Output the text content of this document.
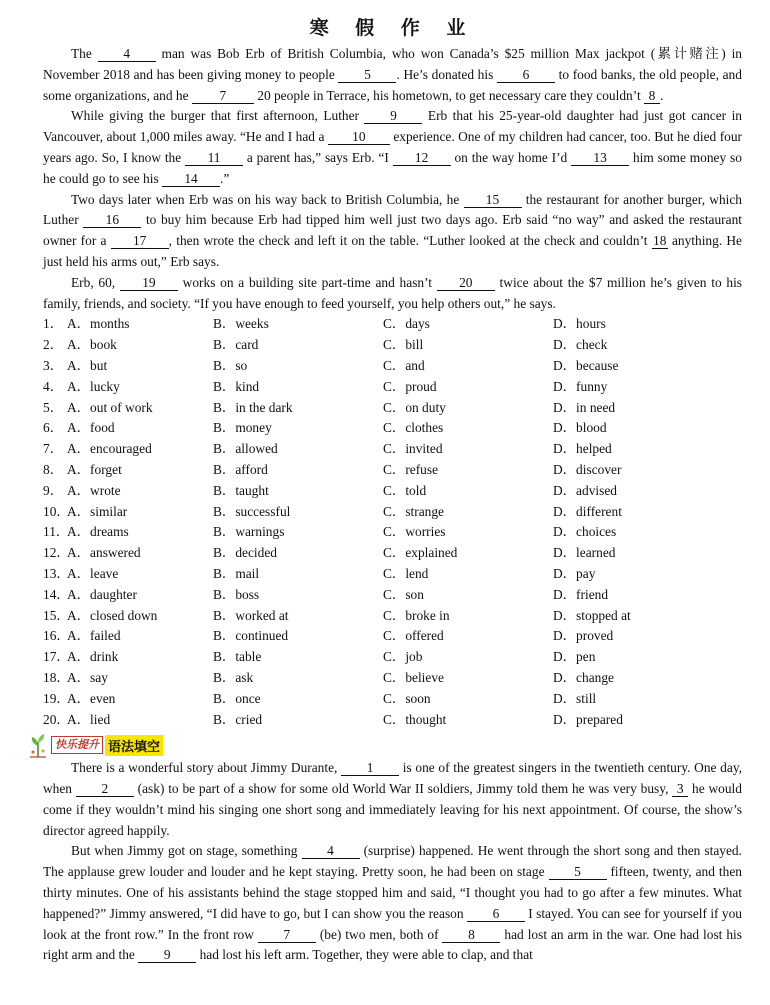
寒 假 作 业

The 4 man was Bob Erb of British Columbia, who won Canada’s $25 million Max jackpot (累计赌注) in November 2018 and has been giving money to people 5 . He’s donated his 6 to food banks, the old people, and some organizations, and he 7 20 people in Terrace, his hometown, to get necessary care they couldn’t 8 .

While giving the burger that first afternoon, Luther 9 Erb that his 25-year-old daughter had just got cancer in Vancouver, about 1,000 miles away. “He and I had a 10 experience. One of my children had cancer, too. But he died four years ago. So, I know the 11 a parent has,” says Erb. “I 12 on the way home I’d 13 him some money so he could go to see his 14 .”

Two days later when Erb was on his way back to British Columbia, he 15 the restaurant for another burger, which Luther 16 to buy him because Erb had tipped him well just two days ago. Erb said “no way” and asked the restaurant owner for a 17 , then wrote the check and left it on the table. “Luther looked at the check and couldn’t 18 anything. He just held his arms out,” Erb says.

Erb, 60, 19 works on a building site part-time and hasn’t 20 twice about the $7 million he’s given to his family, friends, and society. “If you have enough to feed yourself, you help others out,” he says.

1． A．months	B．weeks	C．days	D．hours
2． A．book	B．card	C．bill	D．check
3． A．but	B．so	C．and	D．because
4． A．lucky	B．kind	C．proud	D．funny
5． A．out of work	B．in the dark	C．on duty	D．in need
6． A．food	B．money	C．clothes	D．blood
7． A．encouraged	B．allowed	C．invited	D．helped
8． A．forget	B．afford	C．refuse	D．discover
9． A．wrote	B．taught	C．told	D．advised
10．
A．similar	B．successful	C．strange	D．different
11．
A．dreams	B．warnings	C．worries	D．choices
12．
A．answered	B．decided	C．explained	D．learned
13．
A．leave	B．mail	C．lend	D．pay
14．
A．daughter	B．boss	C．son	D．friend
15．
A．closed down	B．worked at	C．broke in	D．stopped at
16．
A．failed	B．continued	C．offered	D．proved
17．
A．drink	B．table	C．job	D．pen
18．
A．say	B．ask	C．believe	D．change
19．
A．even	B．once	C．soon	D．still
20．
A．lied	B．cried	C．thought	D．prepared
快乐提升 语法填空

There is a wonderful story about Jimmy Durante, 1 is one of the greatest singers in the twentieth century. One day, when 2 (ask) to be part of a show for some old World War II soldiers, Jimmy told them he was very busy, 3 he would come if they wouldn’t mind his singing one short song and immediately leaving for his next appointment. Of course, the show’s director agreed happily.

But when Jimmy got on stage, something 4 (surprise) happened. He went through the short song and then stayed. The applause grew louder and louder and he kept staying. Pretty soon, he had been on stage 5 fifteen, twenty, and then thirty minutes. One of his assistants behind the stage stopped him and said, “I thought you had to go after a few minutes. What happened?” Jimmy answered, “I did have to go, but I can show you the reason 6 I stayed. You can see for yourself if you look at the front row.” In the front row 7 (be) two men, both of 8 had lost an arm in the war. One had lost his right arm and the 9 had lost his left arm. Together, they were able to clap, and that
